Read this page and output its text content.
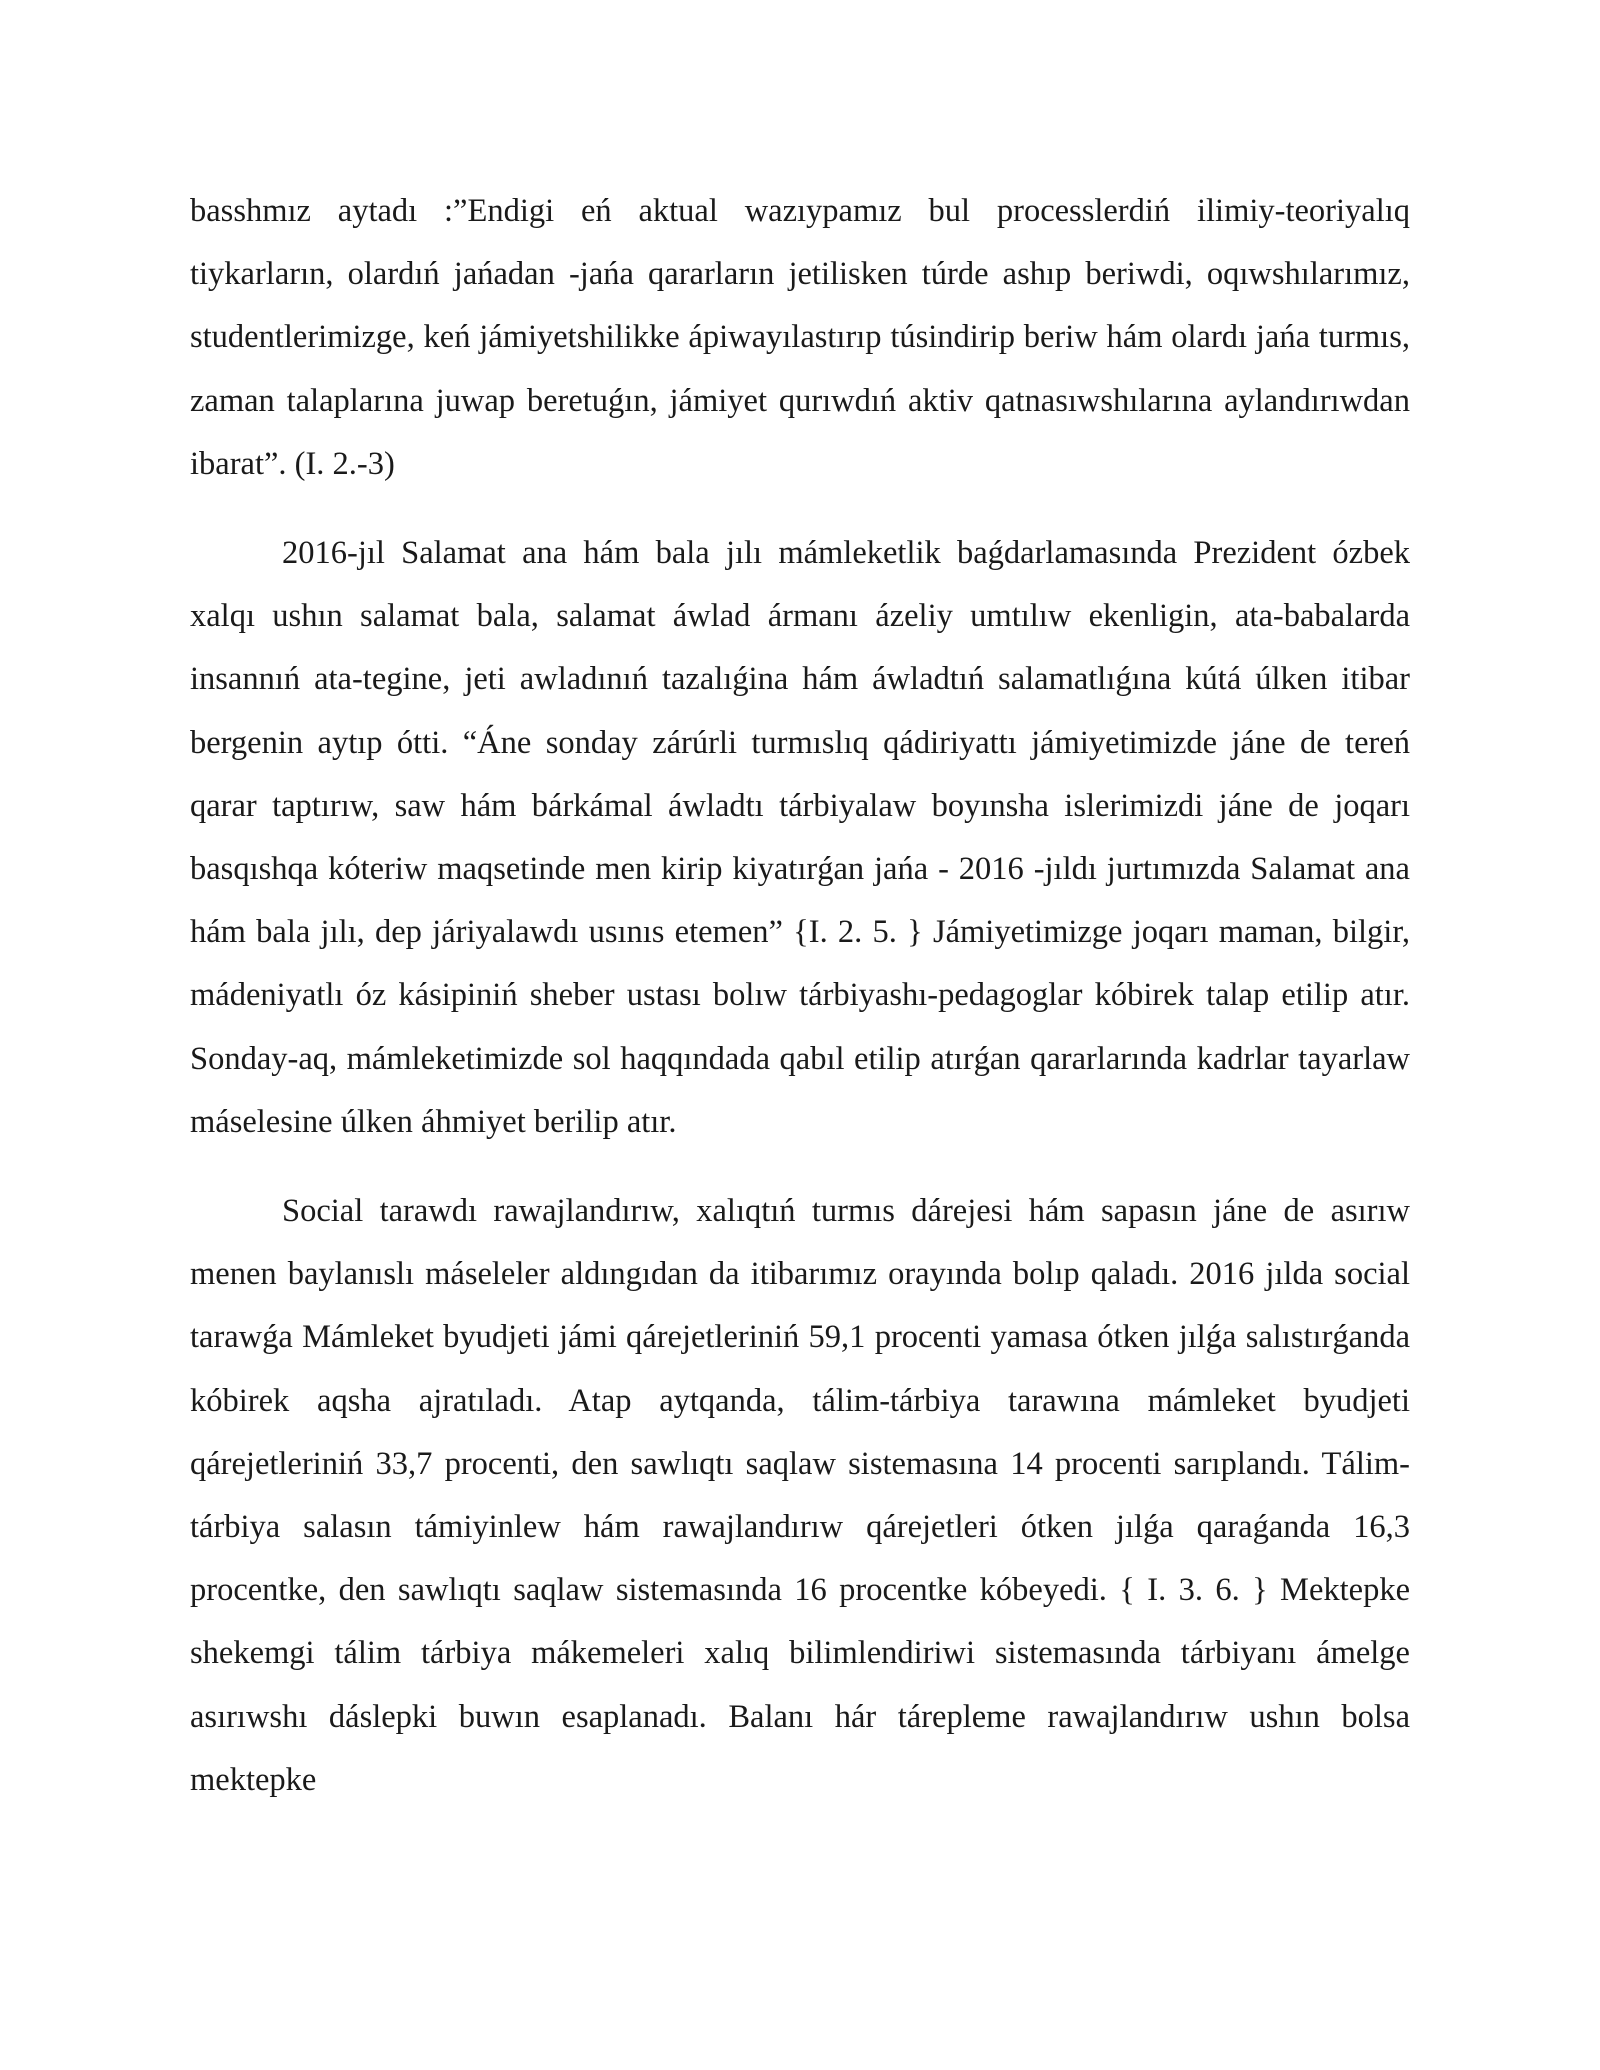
basshmız aytadı :”Endigi eń aktual wazıypamız bul processlerdiń ilimiy-teoriyalıq tiykarların, olardıń jańadan -jańa qararların jetilisken túrde ashıp beriwdi, oqıwshılarımız, studentlerimizge, keń jámiyetshilikke ápiwayılastırıp túsindirip beriw hám olardı jańa turmıs, zaman talaplarına juwap beretuǵın, jámiyet qurıwdıń aktiv qatnasıwshılarına aylandırıwdan ibarat”. (I. 2.-3)

2016-jıl Salamat ana hám bala jılı mámleketlik baǵdarlamasında Prezident ózbek xalqı ushın salamat bala, salamat áwlad ármanı ázeliy umtılıw ekenligin, ata-babalarda insannıń ata-tegine, jeti awladınıń tazalıǵina hám áwladtıń salamatlıǵına kútá úlken itibar bergenin aytıp ótti. “Áne sonday zárúrli turmıslıq qádiriyattı jámiyetimizde jáne de tereń qarar taptırıw, saw hám bárkámal áwladtı tárbiyalaw boyınsha islerimizdi jáne de joqarı basqıshqa kóteriw maqsetinde men kirip kiyatırǵan jańa - 2016 -jıldı jurtımızda Salamat ana hám bala jılı, dep járiyalawdı usınıs etemen” {I. 2. 5. } Jámiyetimizge joqarı maman, bilgir, mádeniyatlı óz kásipiniń sheber ustası bolıw tárbiyashı-pedagoglar kóbirek talap etilip atır. Sonday-aq, mámleketimizde sol haqqındada qabıl etilip atırǵan qararlarında kadrlar tayarlaw máselesine úlken áhmiyet berilip atır.

Social tarawdı rawajlandırıw, xalıqtıń turmıs dárejesi hám sapasın jáne de asırıw menen baylanıslı máseleler aldıngıdan da itibarımız orayında bolıp qaladı. 2016 jılda social tarawǵa Mámleket byudjeti jámi qárejetleriniń 59,1 procenti yamasa ótken jılǵa salıstırǵanda kóbirek aqsha ajratıladı. Atap aytqanda, tálim-tárbiya tarawına mámleket byudjeti qárejetleriniń 33,7 procenti, den sawlıqtı saqlaw sistemasına 14 procenti sarıplandı. Tálim-tárbiya salasın támiyinlew hám rawajlandırıw qárejetleri ótken jılǵa qaraǵanda 16,3 procentke, den sawlıqtı saqlaw sistemasında 16 procentke kóbeyedi. { I. 3. 6. } Mektepke shekemgi tálim tárbiya mákemeleri xalıq bilimlendiriwi sistemasında tárbiyanı ámelge asırıwshı dáslepki buwın esaplanadı. Balanı hár tárepleme rawajlandırıw ushın bolsa mektepke
